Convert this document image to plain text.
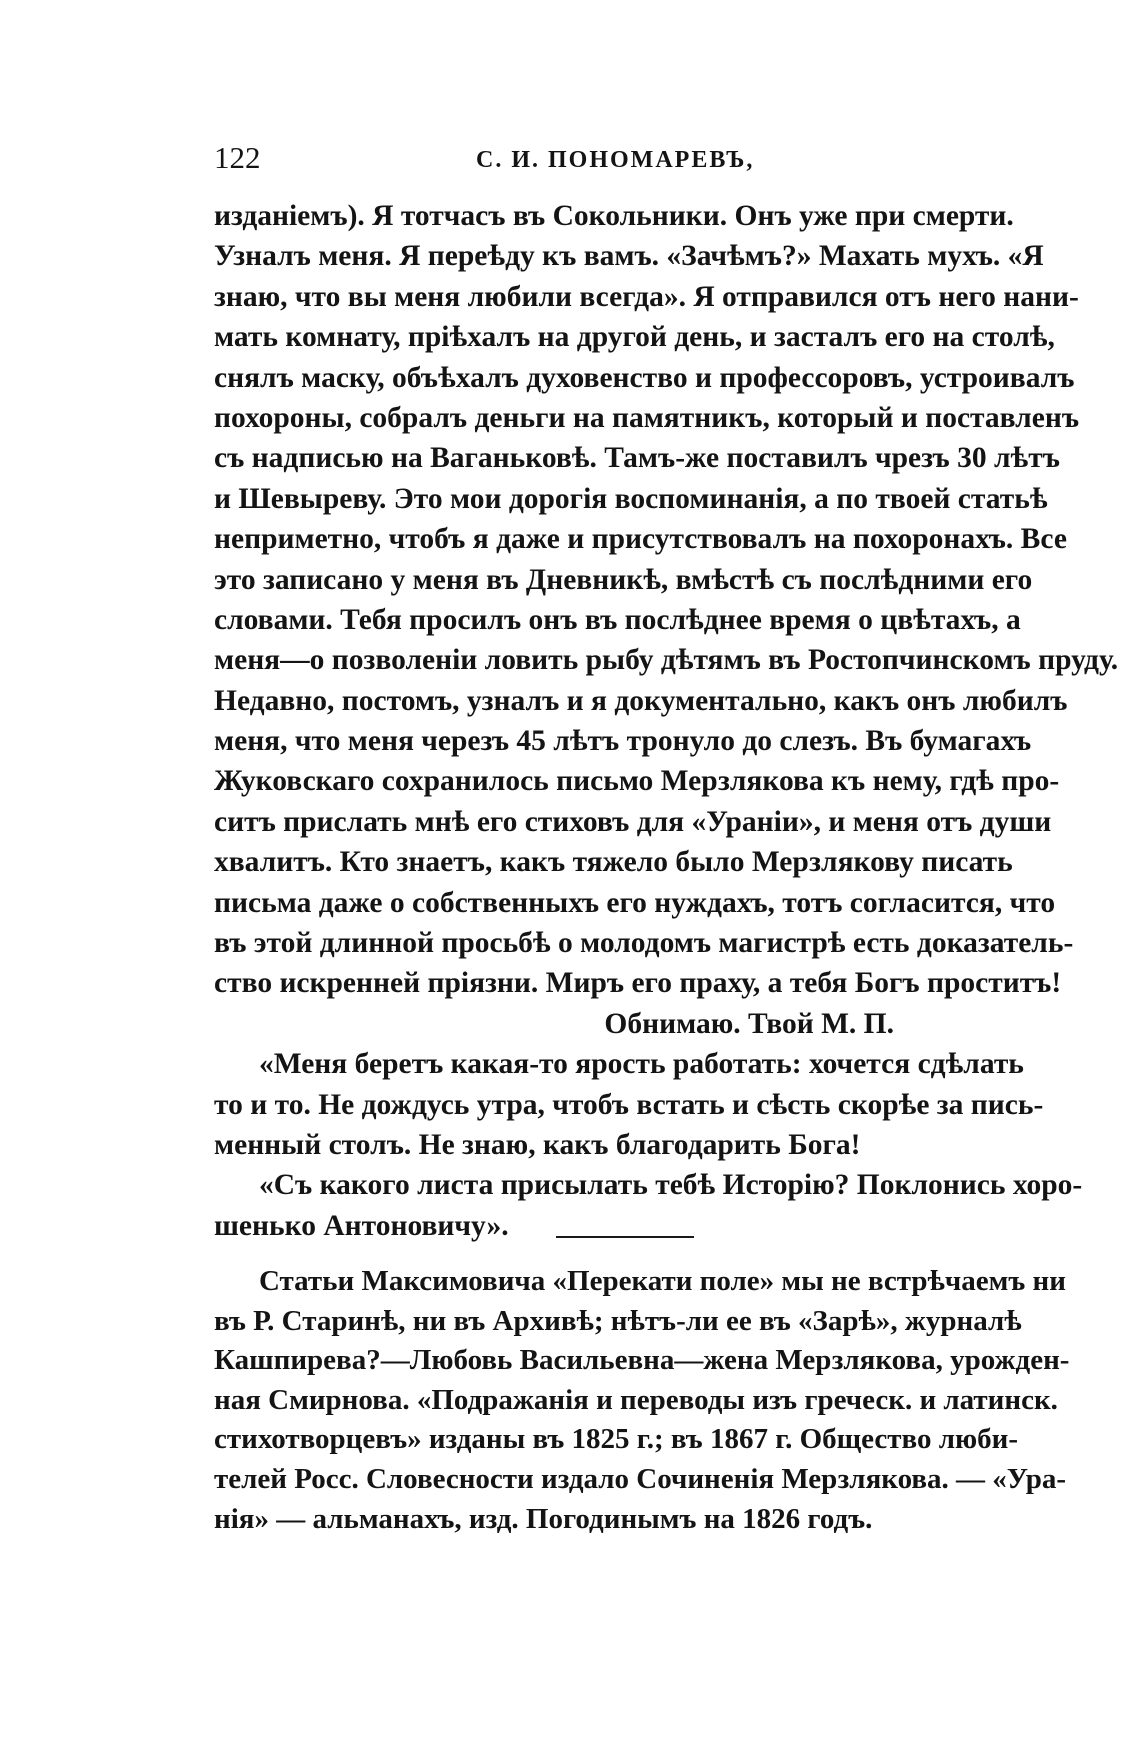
122	С. И. ПОНОМАРЕВЪ,
изданіемъ). Я тотчасъ въ Сокольники. Онъ уже при смерти.
Узналъ меня. Я переѣду къ вамъ. «Зачѣмъ?» Махать мухъ. «Я
знаю, что вы меня любили всегда». Я отправился отъ него нани-
мать комнату, пріѣхалъ на другой день, и засталъ его на столѣ,
снялъ маску, объѣхалъ духовенство и профессоровъ, устроивалъ
похороны, собралъ деньги на памятникъ, который и поставленъ
съ надписью на Ваганьковѣ. Тамъ-же поставилъ чрезъ 30 лѣтъ
и Шевыреву. Это мои дорогія воспоминанія, а по твоей статьѣ
неприметно, чтобъ я даже и присутствовалъ на похоронахъ. Все
это записано у меня въ Дневникѣ, вмѣстѣ съ послѣдними его
словами. Тебя просилъ онъ въ послѣднее время о цвѣтахъ, а
меня—о позволеніи ловить рыбу дѣтямъ въ Ростопчинскомъ пруду.
Недавно, постомъ, узналъ и я документально, какъ онъ любилъ
меня, что меня черезъ 45 лѣтъ тронуло до слезъ. Въ бумагахъ
Жуковскаго сохранилось письмо Мерзлякова къ нему, гдѣ про-
ситъ прислать мнѣ его стиховъ для «Ураніи», и меня отъ души
хвалитъ. Кто знаетъ, какъ тяжело было Мерзлякову писать
письма даже о собственныхъ его нуждахъ, тотъ согласится, что
въ этой длинной просьбѣ о молодомъ магистрѣ есть доказатель-
ство искренней пріязни. Миръ его праху, а тебя Богъ проститъ!
Обнимаю. Твой М. П.
«Меня беретъ какая-то ярость работать: хочется сдѣлать
то и то. Не дождусь утра, чтобъ встать и сѣсть скорѣе за пись-
менный столъ. Не знаю, какъ благодарить Бога!
«Съ какого листа присылать тебѣ Исторію? Поклонись хоро-
шенько Антоновичу».
Статьи Максимовича «Перекати поле» мы не встрѣчаемъ ни
въ Р. Старинѣ, ни въ Архивѣ; нѣтъ-ли ее въ «Зарѣ», журналѣ
Кашпирева?—Любовь Васильевна—жена Мерзлякова, урожден-
ная Смирнова. «Подражанія и переводы изъ греческ. и латинск.
стихотворцевъ» изданы въ 1825 г.; въ 1867 г. Общество люби-
телей Росс. Словесности издало Сочиненія Мерзлякова. — «Ура-
нія» — альманахъ, изд. Погодинымъ на 1826 годъ.
